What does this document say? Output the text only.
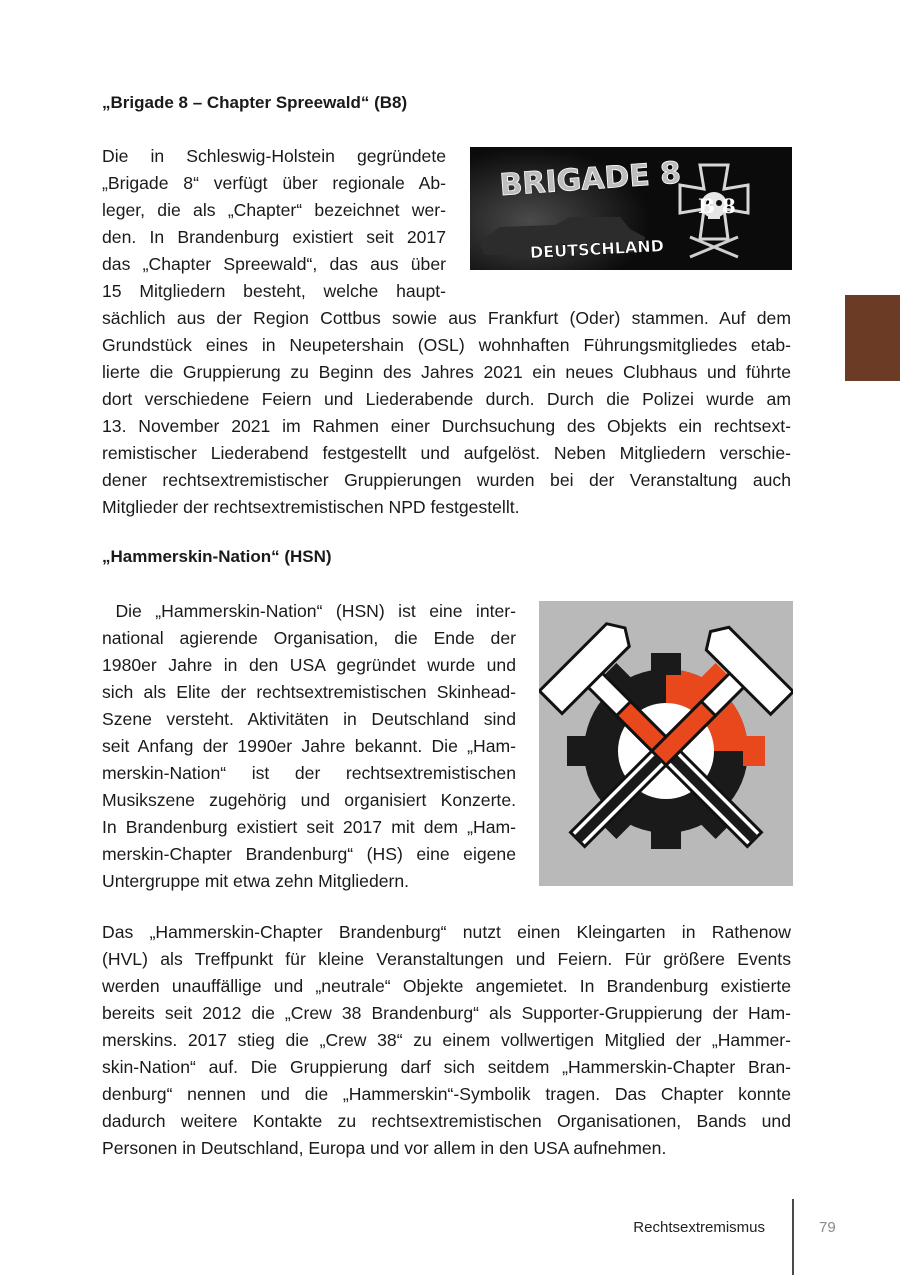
„Brigade 8 – Chapter Spreewald“ (B8)

Die in Schleswig-Holstein gegründete

„Brigade 8“ verfügt über regionale Ab-

leger, die als „Chapter“ bezeichnet wer-

den. In Brandenburg existiert seit 2017

das „Chapter Spreewald“, das aus über

15 Mitgliedern besteht, welche haupt-

sächlich aus der Region Cottbus sowie aus Frankfurt (Oder) stammen. Auf dem

Grundstück eines in Neupetershain (OSL) wohnhaften Führungsmitgliedes etab-

lierte die Gruppierung zu Beginn des Jahres 2021 ein neues Clubhaus und führte

dort verschiedene Feiern und Liederabende durch. Durch die Polizei wurde am

13. November 2021 im Rahmen einer Durchsuchung des Objekts ein rechtsext-

remistischer Liederabend festgestellt und aufgelöst. Neben Mitgliedern verschie-

dener rechtsextremistischer Gruppierungen wurden bei der Veranstaltung auch

Mitglieder der rechtsextremistischen NPD festgestellt.

BRIGADE 8
B 8
DEUTSCHLAND
„Hammerskin-Nation“ (HSN)

Die „Hammerskin-Nation“ (HSN) ist eine inter-

national agierende Organisation, die Ende der

1980er Jahre in den USA gegründet wurde und

sich als Elite der rechtsextremistischen Skinhead-

Szene versteht. Aktivitäten in Deutschland sind

seit Anfang der 1990er Jahre bekannt. Die „Ham-

merskin-Nation“ ist der rechtsextremistischen

Musikszene zugehörig und organisiert Konzerte.

In Brandenburg existiert seit 2017 mit dem „Ham-

merskin-Chapter Brandenburg“ (HS) eine eigene

Untergruppe mit etwa zehn Mitgliedern.

Das „Hammerskin-Chapter Brandenburg“ nutzt einen Kleingarten in Rathenow

(HVL) als Treffpunkt für kleine Veranstaltungen und Feiern. Für größere Events

werden unauffällige und „neutrale“ Objekte angemietet. In Brandenburg existierte

bereits seit 2012 die „Crew 38 Brandenburg“ als Supporter-Gruppierung der Ham-

merskins. 2017 stieg die „Crew 38“ zu einem vollwertigen Mitglied der „Hammer-

skin-Nation“ auf. Die Gruppierung darf sich seitdem „Hammerskin-Chapter Bran-

denburg“ nennen und die „Hammerskin“-Symbolik tragen. Das Chapter konnte

dadurch weitere Kontakte zu rechtsextremistischen Organisationen, Bands und

Personen in Deutschland, Europa und vor allem in den USA aufnehmen.

Rechtsextremismus	79
